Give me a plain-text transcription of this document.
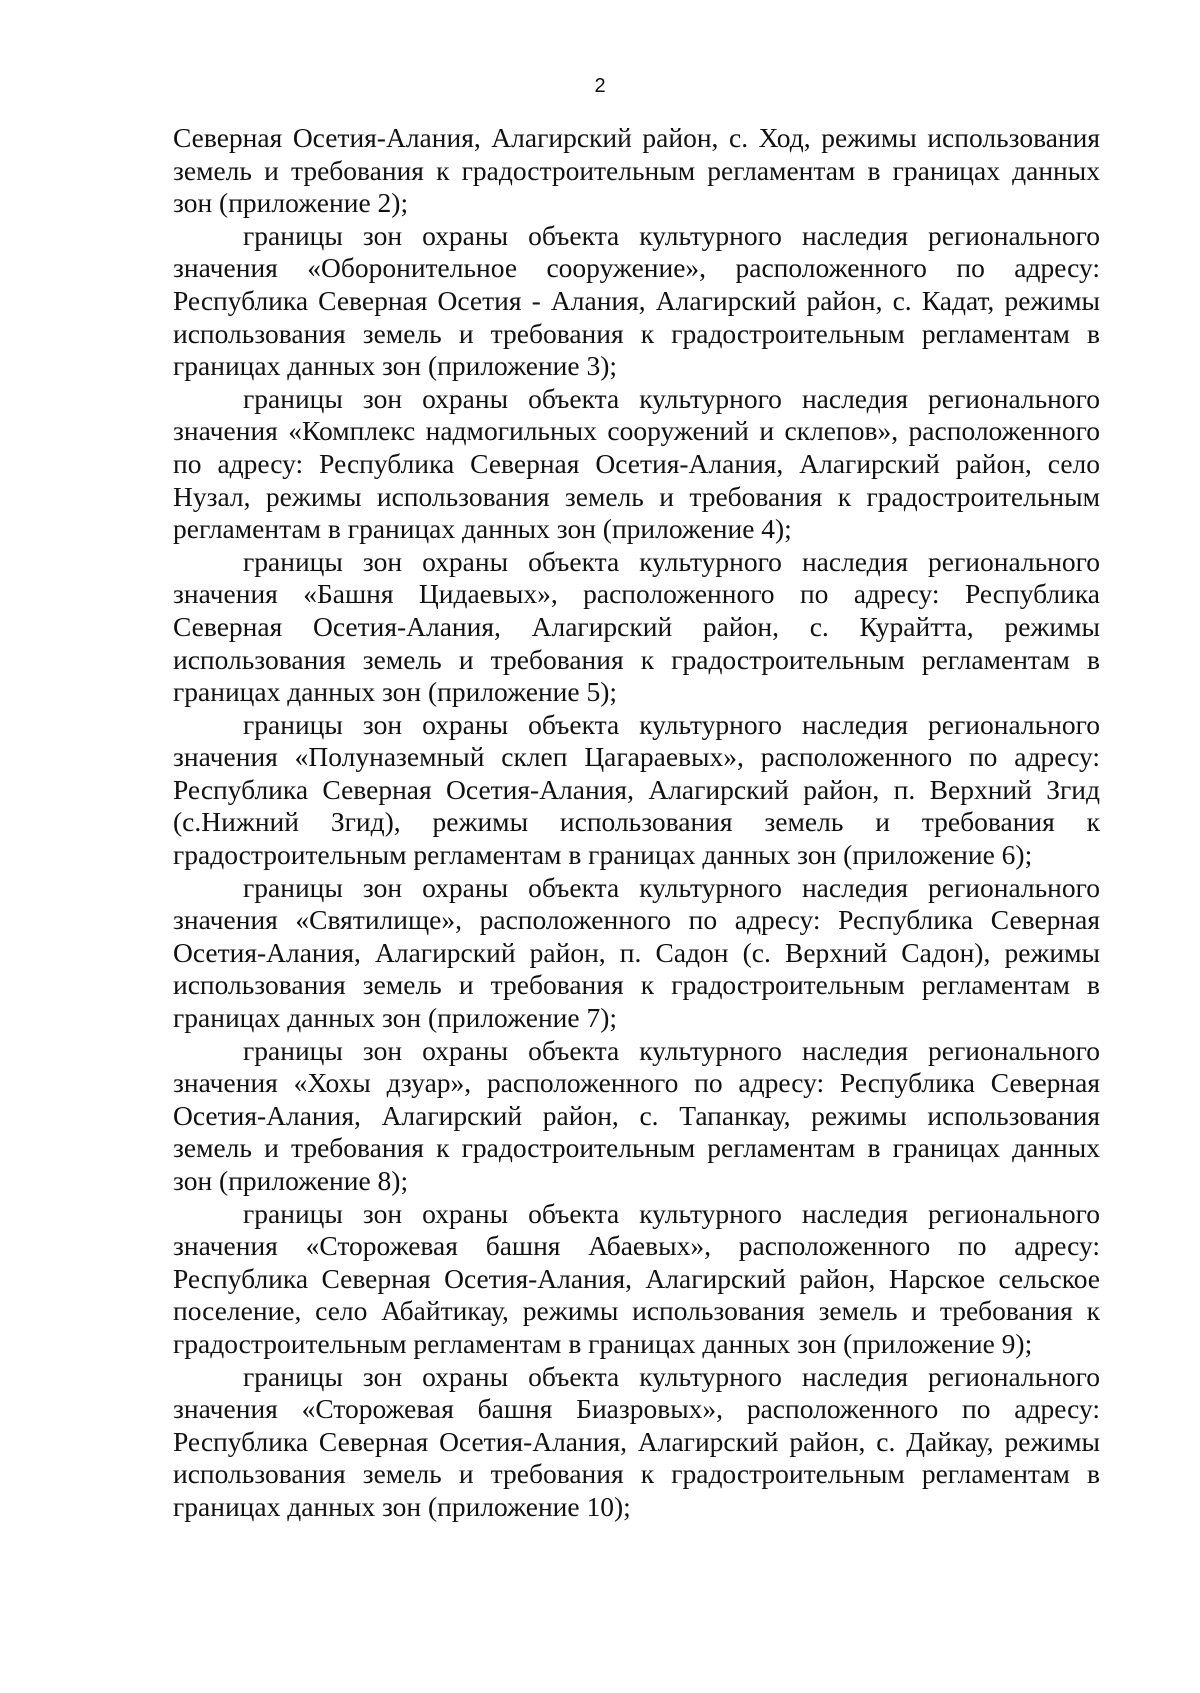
2

Северная Осетия-Алания, Алагирский район, с. Ход, режимы использования земель и требования к градостроительным регламентам в границах данных зон (приложение 2);

границы зон охраны объекта культурного наследия регионального значения «Оборонительное сооружение», расположенного по адресу: Республика Северная Осетия - Алания, Алагирский район, с. Кадат, режимы использования земель и требования к градостроительным регламентам в границах данных зон (приложение 3);

границы зон охраны объекта культурного наследия регионального значения «Комплекс надмогильных сооружений и склепов», расположенного по адресу: Республика Северная Осетия-Алания, Алагирский район, село Нузал, режимы использования земель и требования к градостроительным регламентам в границах данных зон (приложение 4);

границы зон охраны объекта культурного наследия регионального значения «Башня Цидаевых», расположенного по адресу: Республика Северная Осетия-Алания, Алагирский район, с. Курайтта, режимы использования земель и требования к градостроительным регламентам в границах данных зон (приложение 5);

границы зон охраны объекта культурного наследия регионального значения «Полуназемный склеп Цагараевых», расположенного по адресу: Республика Северная Осетия-Алания, Алагирский район, п. Верхний Згид (с.Нижний Згид), режимы использования земель и требования к градостроительным регламентам в границах данных зон (приложение 6);

границы зон охраны объекта культурного наследия регионального значения «Святилище», расположенного по адресу: Республика Северная Осетия-Алания, Алагирский район, п. Садон (с. Верхний Садон), режимы использования земель и требования к градостроительным регламентам в границах данных зон (приложение 7);

границы зон охраны объекта культурного наследия регионального значения «Хохы дзуар», расположенного по адресу: Республика Северная Осетия-Алания, Алагирский район, с. Тапанкау, режимы использования земель и требования к градостроительным регламентам в границах данных зон (приложение 8);

границы зон охраны объекта культурного наследия регионального значения «Сторожевая башня Абаевых», расположенного по адресу: Республика Северная Осетия-Алания, Алагирский район, Нарское сельское поселение, село Абайтикау, режимы использования земель и требования к градостроительным регламентам в границах данных зон (приложение 9);

границы зон охраны объекта культурного наследия регионального значения «Сторожевая башня Биазровых», расположенного по адресу: Республика Северная Осетия-Алания, Алагирский район, с. Дайкау, режимы использования земель и требования к градостроительным регламентам в границах данных зон (приложение 10);
